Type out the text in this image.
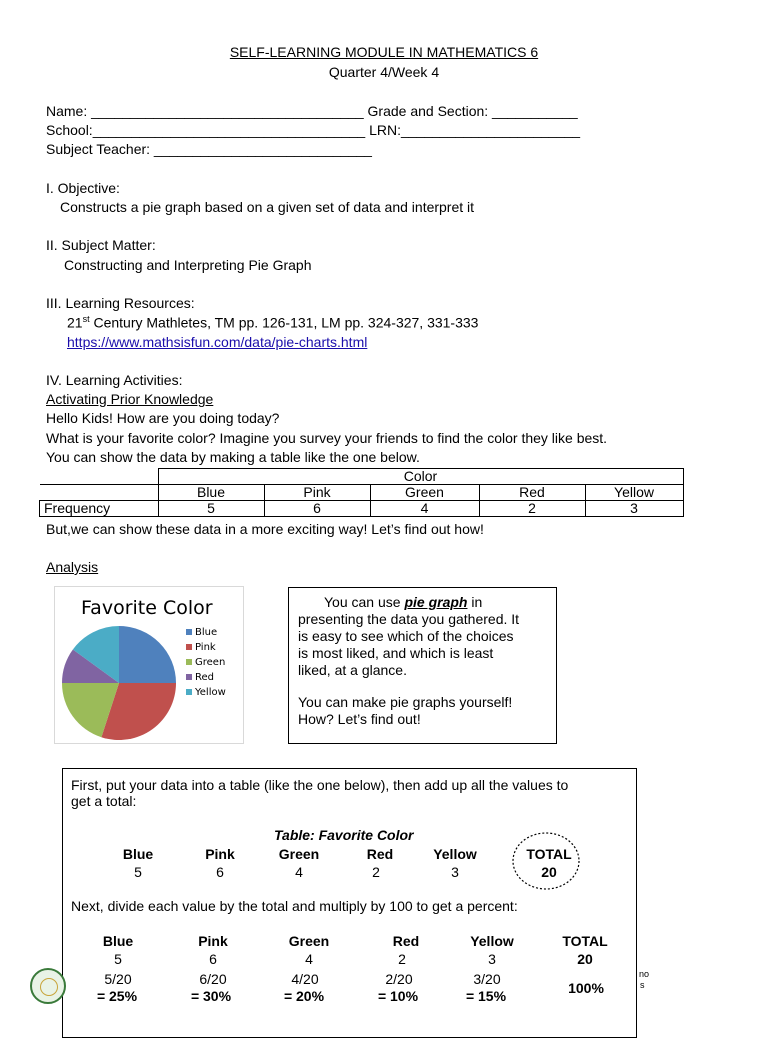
SELF-LEARNING MODULE IN MATHEMATICS 6
Quarter 4/Week 4
Name: ___________________________________ Grade and Section: ___________
School:___________________________________ LRN:_______________________
Subject Teacher: ____________________________
I. Objective:
Constructs a pie graph based on a given set of data and interpret it
II. Subject Matter:
Constructing and Interpreting Pie Graph
III. Learning Resources:
21st Century Mathletes, TM pp. 126-131, LM pp. 324-327, 331-333
https://www.mathsisfun.com/data/pie-charts.html
IV. Learning Activities:
Activating Prior Knowledge
Hello Kids! How are you doing today?
What is your favorite color? Imagine you survey your friends to find the color they like best.
You can show the data by making a table like the one below.
	Color				
	Blue	Pink	Green	Red	Yellow
Frequency	5	6	4	2	3
But,we can show these data in a more exciting way! Let’s find out how!
Analysis
Favorite Color
Blue
Pink
Green
Red
Yellow
You can use pie graph in
presenting the data you gathered. It
is easy to see which of the choices
is most liked, and which is least
liked, at a glance.
You can make pie graphs yourself!
How? Let’s find out!
First, put your data into a table (like the one below), then add up all the values to
get a total:
Table: Favorite Color
Blue	Pink	Green	Red	Yellow	TOTAL
5	6	4	2	3	20
Next, divide each value by the total and multiply by 100 to get a percent:
Blue	Pink	Green	Red	Yellow	TOTAL
5	6	4	2	3	20
5/20	6/20	4/20	2/20	3/20
= 25%	= 30%	= 20%	= 10%	= 15%	100%
no
s
